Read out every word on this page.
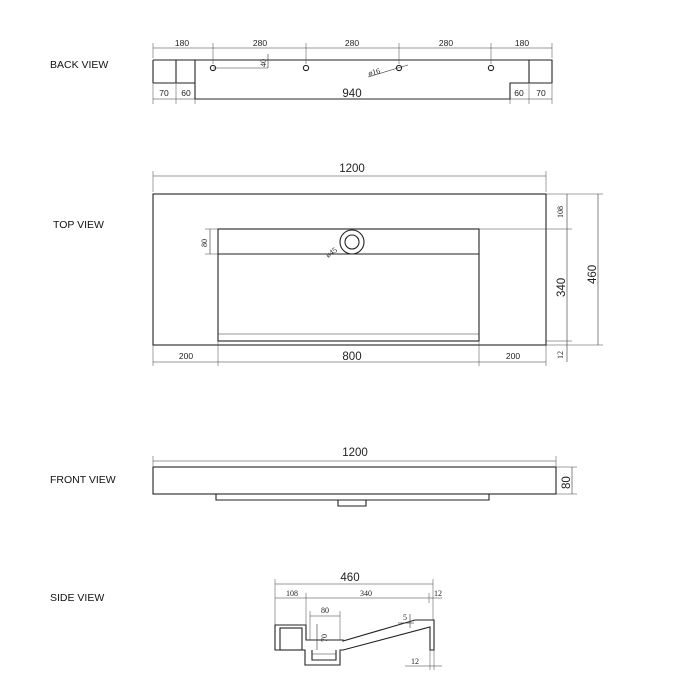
BACK VIEW
TOP VIEW
FRONT VIEW
SIDE VIEW
180	280	280	280	180
40
ø16
70 60	940	60 70
ø45
1200
80
108
340
12
460
200	800	200
1200
80
460
108	340	12
80
70
5
12
